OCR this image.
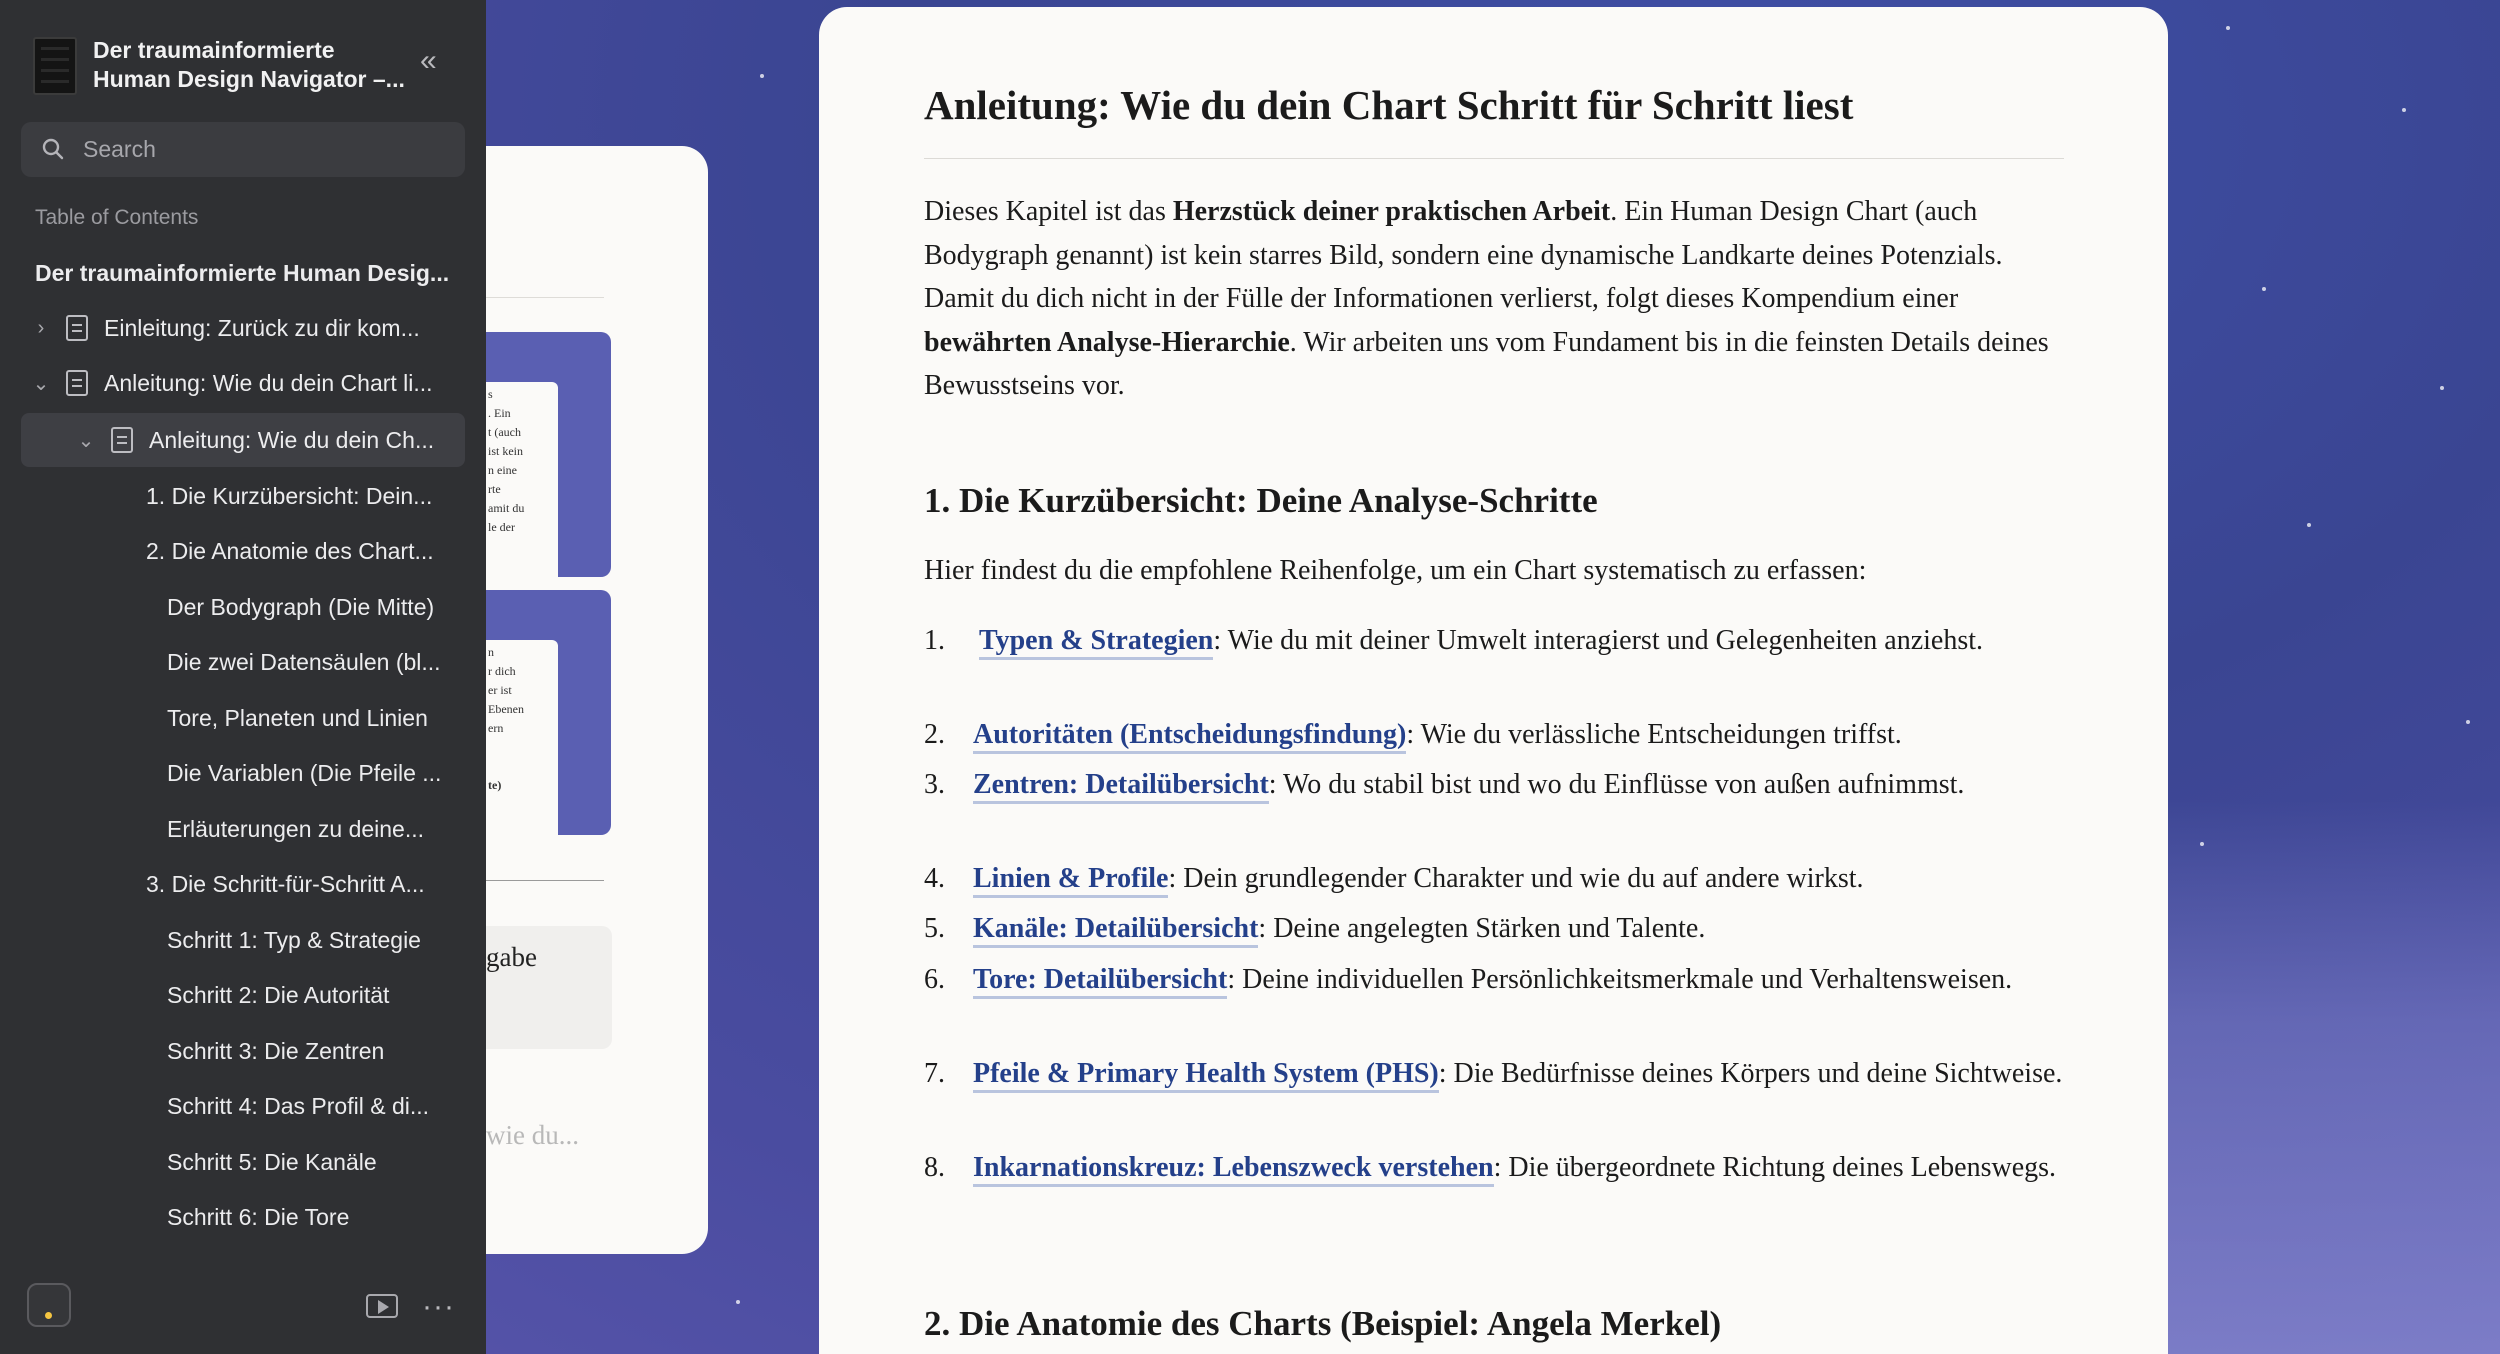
Der traumainformierte Human Design Navigator –...
«
Search
Table of Contents
Der traumainformierte Human Desig...
›	Einleitung: Zurück zu dir kom...
⌄ Anleitung: Wie du dein Chart li...
⌄ Anleitung: Wie du dein Ch...
1. Die Kurzübersicht: Dein...
2. Die Anatomie des Chart...
Der Bodygraph (Die Mitte)
Die zwei Datensäulen (bl...
Tore, Planeten und Linien
Die Variablen (Die Pfeile ...
Erläuterungen zu deine...
3. Die Schritt-für-Schritt A...
Schritt 1: Typ & Strategie
Schritt 2: Die Autorität
Schritt 3: Die Zentren
Schritt 4: Das Profil & di...
Schritt 5: Die Kanäle
Schritt 6: Die Tore
···
s
. Ein
t (auch
ist kein
n eine
rte
amit du
le der
n
r dich
er ist
Ebenen
ern

te)
gabe
wie du...
Anleitung: Wie du dein Chart Schritt für Schritt liest

Dieses Kapitel ist das Herzstück deiner praktischen Arbeit. Ein Human Design Chart (auch Bodygraph genannt) ist kein starres Bild, sondern eine dynamische Landkarte deines Potenzials. Damit du dich nicht in der Fülle der Informationen verlierst, folgt dieses Kompendium einer bewährten Analyse-Hierarchie. Wir arbeiten uns vom Fundament bis in die feinsten Details deines Bewusstseins vor.

1. Die Kurzübersicht: Deine Analyse-Schritte

Hier findest du die empfohlene Reihenfolge, um ein Chart systematisch zu erfassen:

1. Typen & Strategien: Wie du mit deiner Umwelt interagierst und Gelegenheiten anziehst.
2. Autoritäten (Entscheidungsfindung): Wie du verlässliche Entscheidungen triffst.
3. Zentren: Detailübersicht: Wo du stabil bist und wo du Einflüsse von außen aufnimmst.
4. Linien & Profile: Dein grundlegender Charakter und wie du auf andere wirkst.
5. Kanäle: Detailübersicht: Deine angelegten Stärken und Talente.
6. Tore: Detailübersicht: Deine individuellen Persönlichkeitsmerkmale und Verhaltensweisen.
7. Pfeile & Primary Health System (PHS): Die Bedürfnisse deines Körpers und deine Sichtweise.
8. Inkarnationskreuz: Lebenszweck verstehen: Die übergeordnete Richtung deines Lebenswegs.
2. Die Anatomie des Charts (Beispiel: Angela Merkel)
